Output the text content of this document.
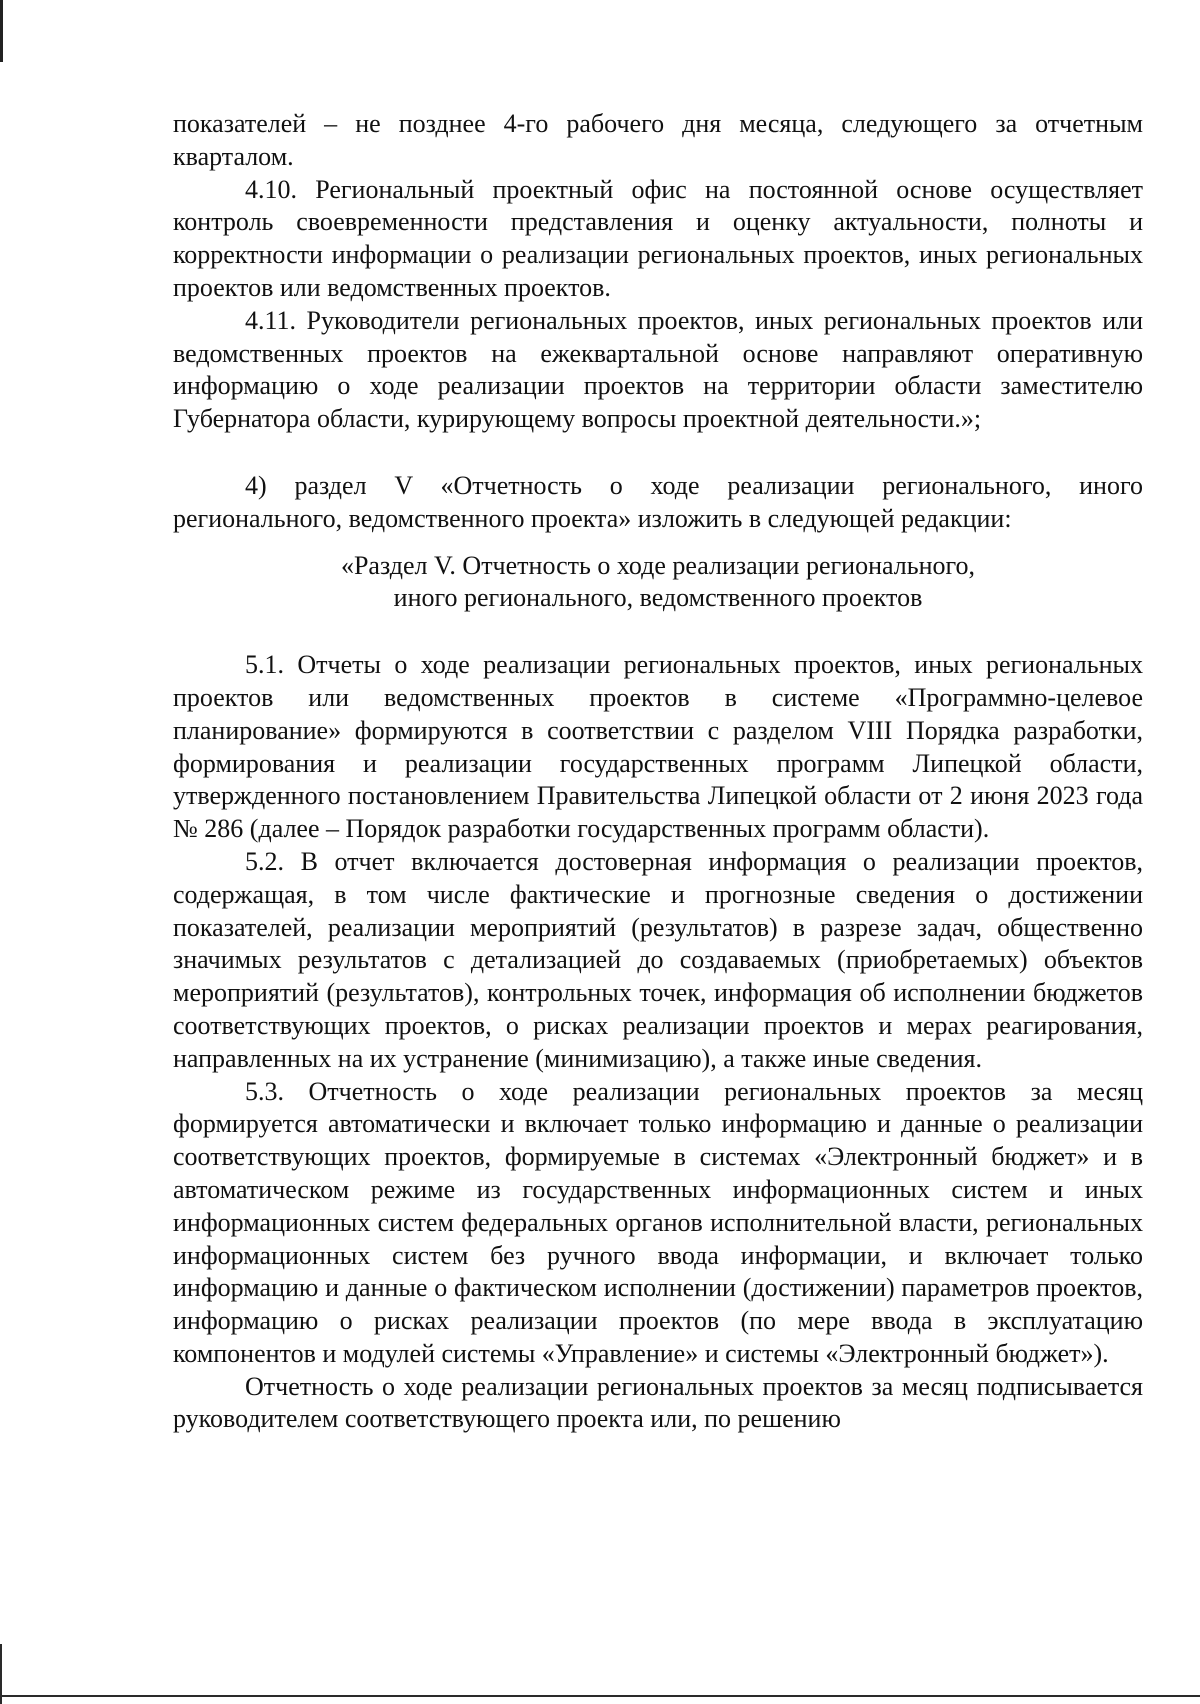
показателей – не позднее 4-го рабочего дня месяца, следующего за отчетным кварталом.

4.10. Региональный проектный офис на постоянной основе осуществляет контроль своевременности представления и оценку актуальности, полноты и корректности информации о реализации региональных проектов, иных региональных проектов или ведомственных проектов.

4.11. Руководители региональных проектов, иных региональных проектов или ведомственных проектов на ежеквартальной основе направляют оперативную информацию о ходе реализации проектов на территории области заместителю Губернатора области, курирующему вопросы проектной деятельности.»;

4) раздел V «Отчетность о ходе реализации регионального, иного регионального, ведомственного проекта» изложить в следующей редакции:

«Раздел V. Отчетность о ходе реализации регионального,
иного регионального, ведомственного проектов

5.1. Отчеты о ходе реализации региональных проектов, иных региональных проектов или ведомственных проектов в системе «Программно-целевое планирование» формируются в соответствии с разделом VIII Порядка разработки, формирования и реализации государственных программ Липецкой области, утвержденного постановлением Правительства Липецкой области от 2 июня 2023 года № 286 (далее – Порядок разработки государственных программ области).

5.2. В отчет включается достоверная информация о реализации проектов, содержащая, в том числе фактические и прогнозные сведения о достижении показателей, реализации мероприятий (результатов) в разрезе задач, общественно значимых результатов с детализацией до создаваемых (приобретаемых) объектов мероприятий (результатов), контрольных точек, информация об исполнении бюджетов соответствующих проектов, о рисках реализации проектов и мерах реагирования, направленных на их устранение (минимизацию), а также иные сведения.

5.3. Отчетность о ходе реализации региональных проектов за месяц формируется автоматически и включает только информацию и данные о реализации соответствующих проектов, формируемые в системах «Электронный бюджет» и в автоматическом режиме из государственных информационных систем и иных информационных систем федеральных органов исполнительной власти, региональных информационных систем без ручного ввода информации, и включает только информацию и данные о фактическом исполнении (достижении) параметров проектов, информацию о рисках реализации проектов (по мере ввода в эксплуатацию компонентов и модулей системы «Управление» и системы «Электронный бюджет»).

Отчетность о ходе реализации региональных проектов за месяц подписывается руководителем соответствующего проекта или, по решению
